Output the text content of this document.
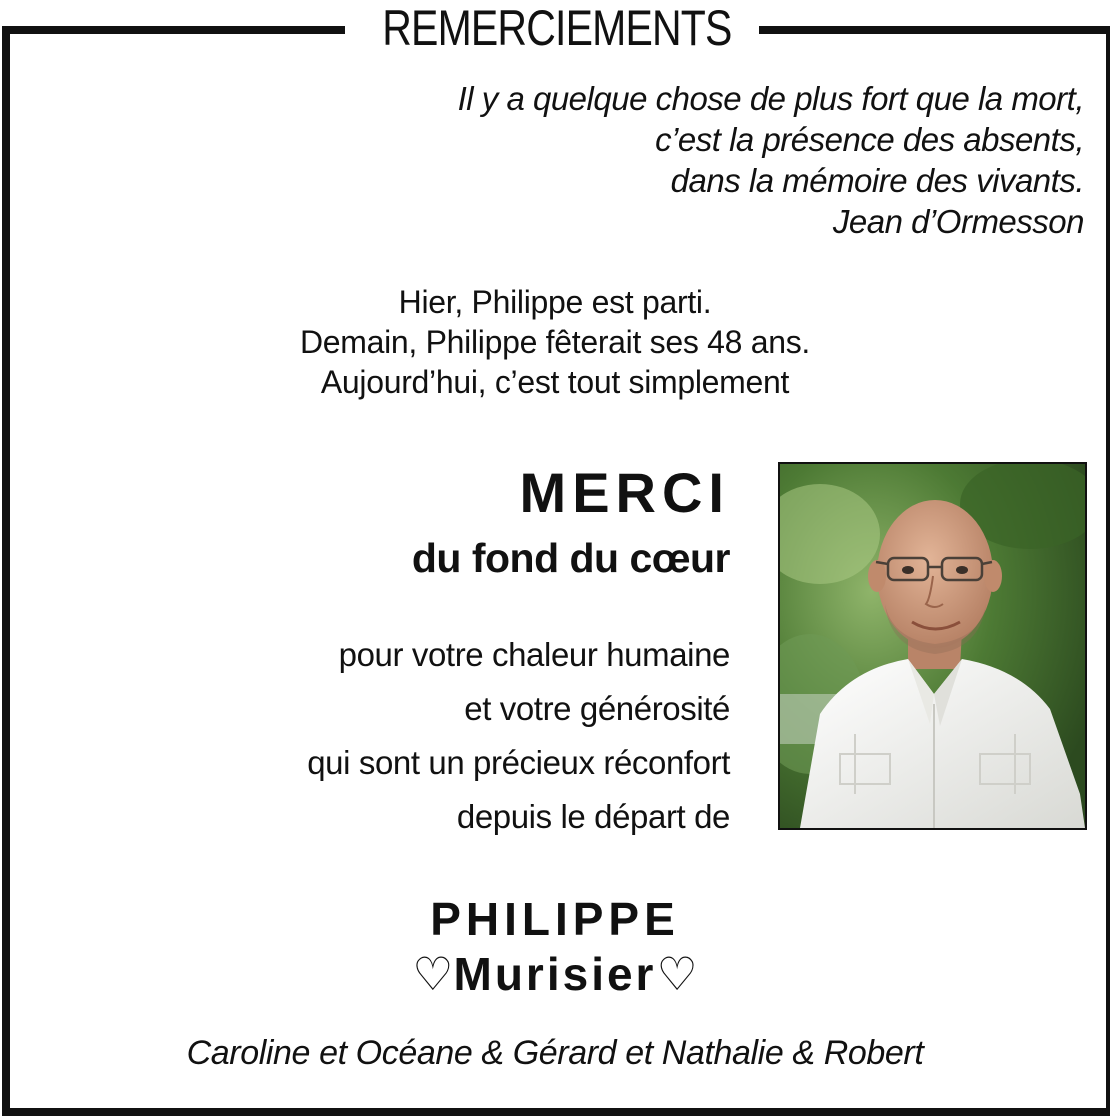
REMERCIEMENTS
Il y a quelque chose de plus fort que la mort,
c’est la présence des absents,
dans la mémoire des vivants.
Jean d’Ormesson
Hier, Philippe est parti.
Demain, Philippe fêterait ses 48 ans.
Aujourd’hui, c’est tout simplement
MERCI
du fond du cœur
pour votre chaleur humaine
et votre générosité
qui sont un précieux réconfort
depuis le départ de
PHILIPPE
♡Murisier♡
Caroline et Océane & Gérard et Nathalie & Robert
